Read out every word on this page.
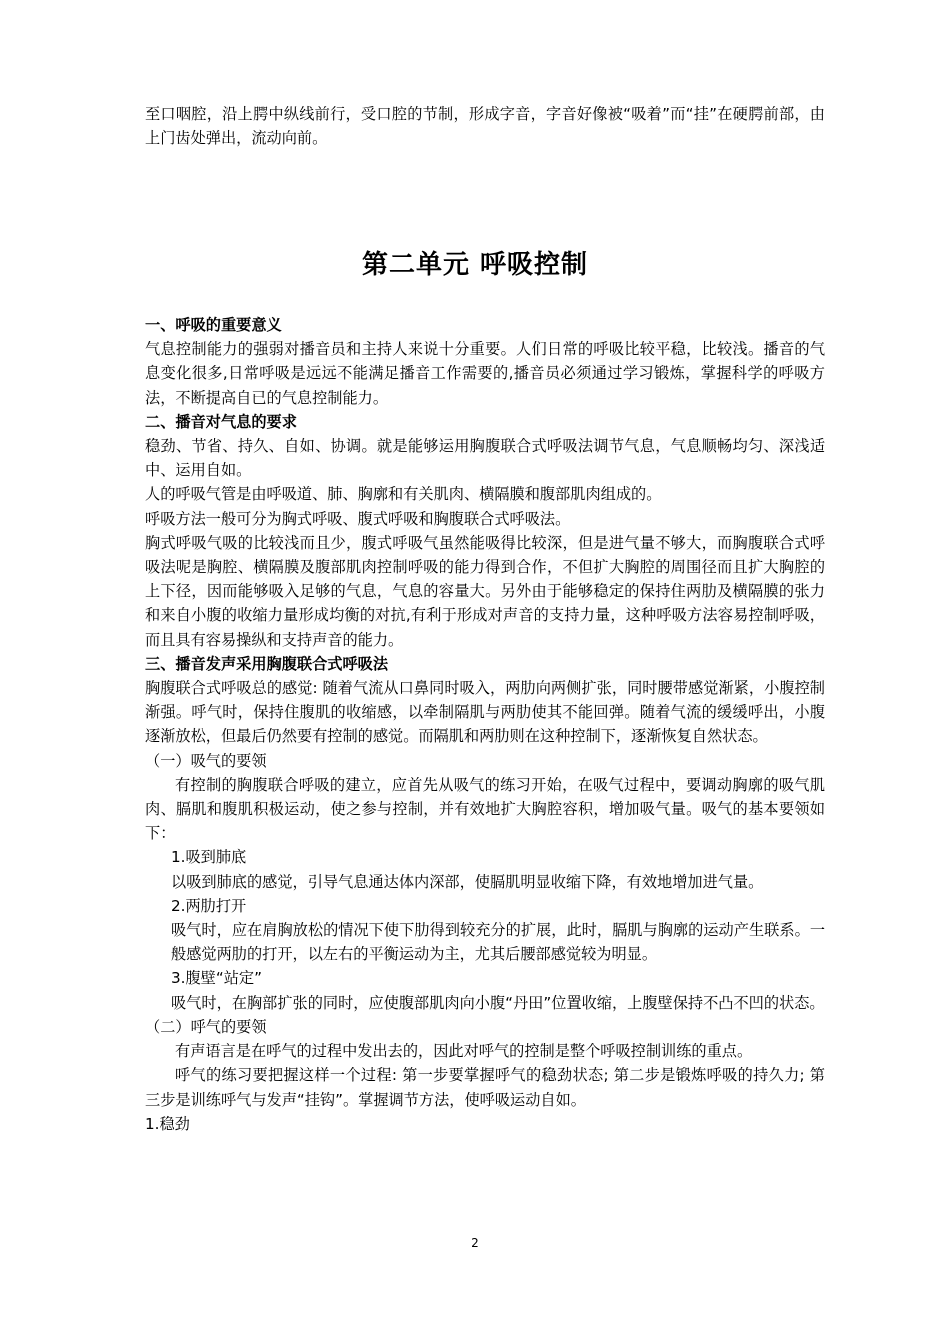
至口咽腔，沿上腭中纵线前行，受口腔的节制，形成字音，字音好像被“吸着”而“挂”在硬腭前部，由上门齿处弹出，流动向前。

第二单元 呼吸控制

一、呼吸的重要意义

气息控制能力的强弱对播音员和主持人来说十分重要。人们日常的呼吸比较平稳，比较浅。播音的气息变化很多,日常呼吸是远远不能满足播音工作需要的,播音员必须通过学习锻炼，掌握科学的呼吸方法，不断提高自已的气息控制能力。

二、播音对气息的要求

稳劲、节省、持久、自如、协调。就是能够运用胸腹联合式呼吸法调节气息，气息顺畅均匀、深浅适中、运用自如。

人的呼吸气管是由呼吸道、肺、胸廓和有关肌肉、横隔膜和腹部肌肉组成的。

呼吸方法一般可分为胸式呼吸、腹式呼吸和胸腹联合式呼吸法。

胸式呼吸气吸的比较浅而且少，腹式呼吸气虽然能吸得比较深，但是进气量不够大，而胸腹联合式呼吸法呢是胸腔、横隔膜及腹部肌肉控制呼吸的能力得到合作，不但扩大胸腔的周围径而且扩大胸腔的上下径，因而能够吸入足够的气息，气息的容量大。另外由于能够稳定的保持住两肋及横隔膜的张力和来自小腹的收缩力量形成均衡的对抗,有利于形成对声音的支持力量，这种呼吸方法容易控制呼吸，而且具有容易操纵和支持声音的能力。

三、播音发声采用胸腹联合式呼吸法

胸腹联合式呼吸总的感觉: 随着气流从口鼻同时吸入，两肋向两侧扩张，同时腰带感觉渐紧，小腹控制渐强。呼气时，保持住腹肌的收缩感，以牵制隔肌与两肋使其不能回弹。随着气流的缓缓呼出，小腹逐渐放松，但最后仍然要有控制的感觉。而隔肌和两肋则在这种控制下，逐渐恢复自然状态。

（一）吸气的要领

有控制的胸腹联合呼吸的建立，应首先从吸气的练习开始，在吸气过程中，要调动胸廓的吸气肌肉、膈肌和腹肌积极运动，使之参与控制，并有效地扩大胸腔容积，增加吸气量。吸气的基本要领如下：

1.吸到肺底

以吸到肺底的感觉，引导气息通达体内深部，使膈肌明显收缩下降，有效地增加进气量。

2.两肋打开

吸气时，应在肩胸放松的情况下使下肋得到较充分的扩展，此时，膈肌与胸廓的运动产生联系。一般感觉两肋的打开，以左右的平衡运动为主，尤其后腰部感觉较为明显。

3.腹壁“站定”

吸气时，在胸部扩张的同时，应使腹部肌肉向小腹“丹田”位置收缩，上腹壁保持不凸不凹的状态。

（二）呼气的要领

有声语言是在呼气的过程中发出去的，因此对呼气的控制是整个呼吸控制训练的重点。

呼气的练习要把握这样一个过程: 第一步要掌握呼气的稳劲状态; 第二步是锻炼呼吸的持久力; 第三步是训练呼气与发声“挂钩”。掌握调节方法，使呼吸运动自如。

1.稳劲

2
